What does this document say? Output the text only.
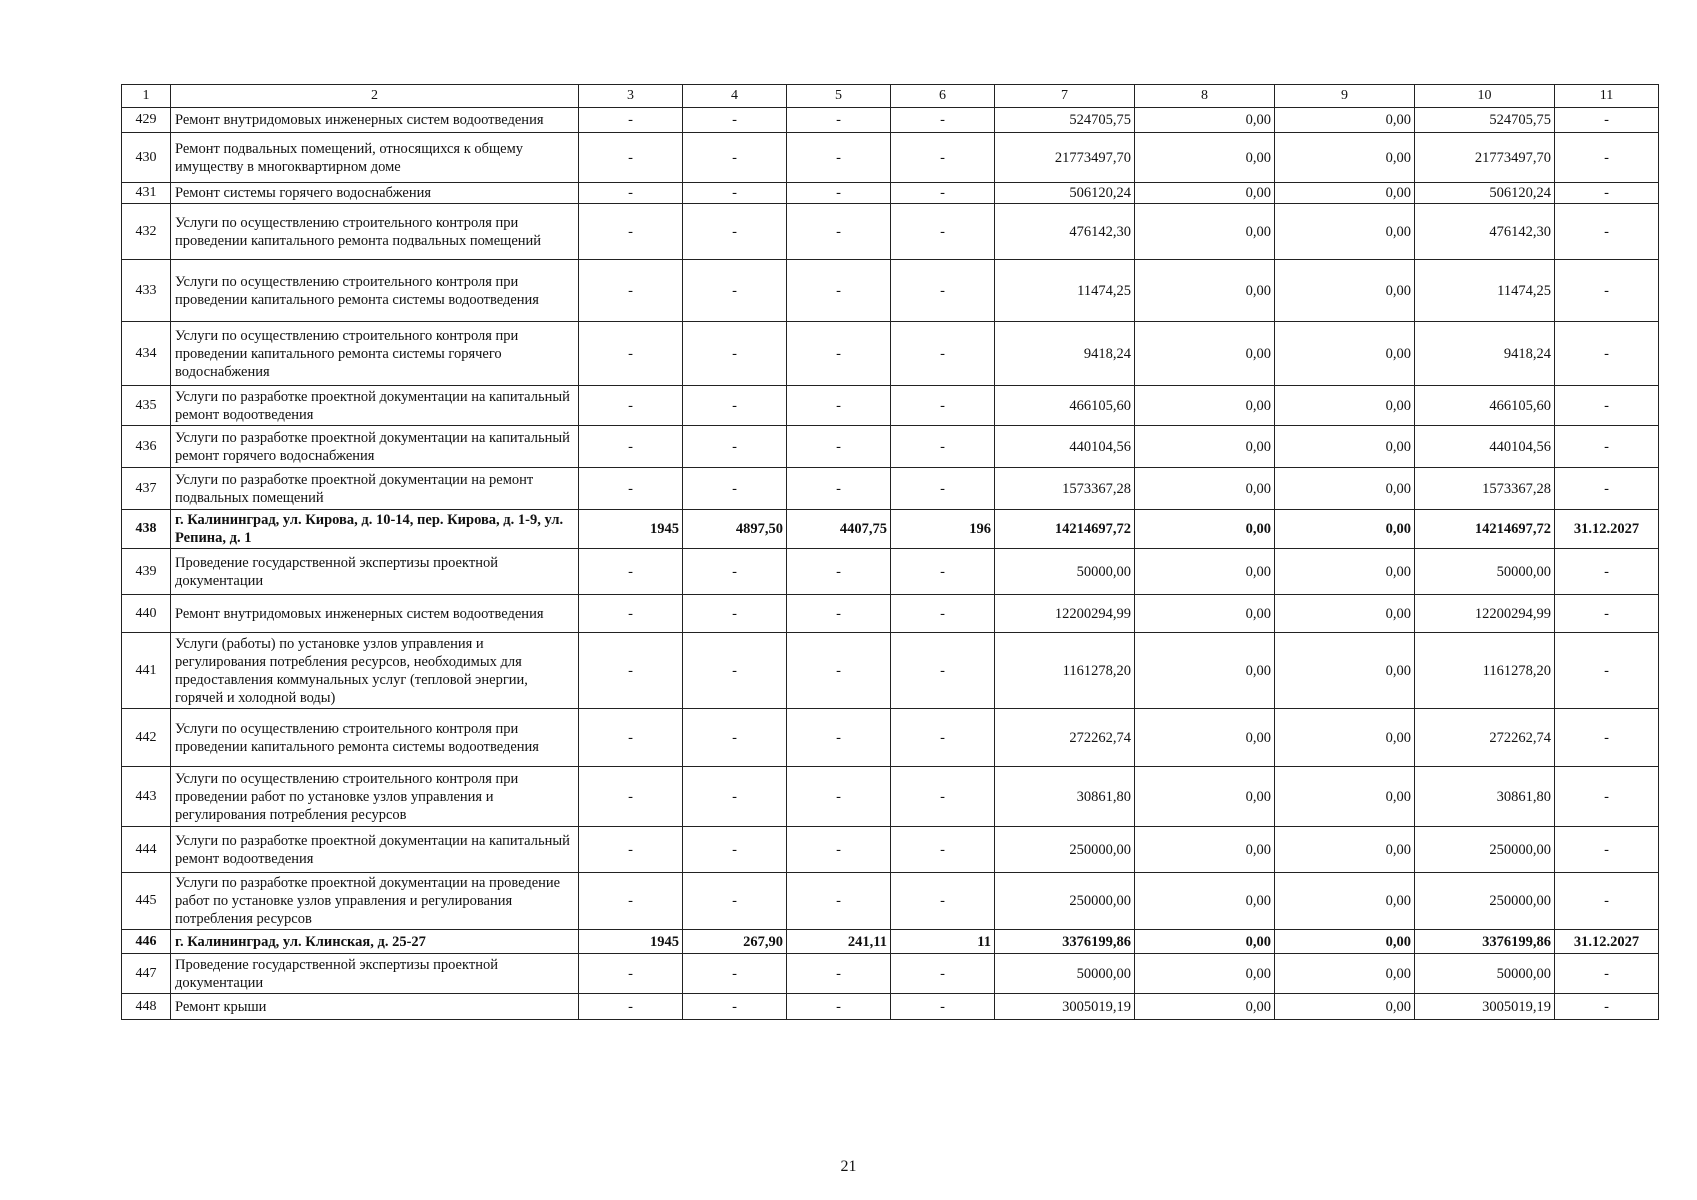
1	2	3	4	5	6	7	8	9	10	11
429	Ремонт внутридомовых инженерных систем водоотведения	-	-	-	-	524705,75	0,00	0,00	524705,75	-
430	Ремонт подвальных помещений, относящихся к общему имуществу в многоквартирном доме	-	-	-	-	21773497,70	0,00	0,00	21773497,70	-
431	Ремонт системы горячего водоснабжения	-	-	-	-	506120,24	0,00	0,00	506120,24	-
432	Услуги по осуществлению строительного контроля при проведении капитального ремонта подвальных помещений	-	-	-	-	476142,30	0,00	0,00	476142,30	-
433	Услуги по осуществлению строительного контроля при проведении капитального ремонта системы водоотведения	-	-	-	-	11474,25	0,00	0,00	11474,25	-
434	Услуги по осуществлению строительного контроля при проведении капитального ремонта системы горячего водоснабжения	-	-	-	-	9418,24	0,00	0,00	9418,24	-
435	Услуги по разработке проектной документации на капитальный ремонт водоотведения	-	-	-	-	466105,60	0,00	0,00	466105,60	-
436	Услуги по разработке проектной документации на капитальный ремонт горячего водоснабжения	-	-	-	-	440104,56	0,00	0,00	440104,56	-
437	Услуги по разработке проектной документации на ремонт подвальных помещений	-	-	-	-	1573367,28	0,00	0,00	1573367,28	-
438	г. Калининград, ул. Кирова, д. 10-14, пер. Кирова, д. 1-9, ул. Репина, д. 1	1945	4897,50	4407,75	196	14214697,72	0,00	0,00	14214697,72	31.12.2027
439	Проведение государственной экспертизы проектной документации	-	-	-	-	50000,00	0,00	0,00	50000,00	-
440	Ремонт внутридомовых инженерных систем водоотведения	-	-	-	-	12200294,99	0,00	0,00	12200294,99	-
441	Услуги (работы) по установке узлов управления и регулирования потребления ресурсов, необходимых для предоставления коммунальных услуг (тепловой энергии, горячей и холодной воды)	-	-	-	-	1161278,20	0,00	0,00	1161278,20	-
442	Услуги по осуществлению строительного контроля при проведении капитального ремонта системы водоотведения	-	-	-	-	272262,74	0,00	0,00	272262,74	-
443	Услуги по осуществлению строительного контроля при проведении работ по установке узлов управления и регулирования потребления ресурсов	-	-	-	-	30861,80	0,00	0,00	30861,80	-
444	Услуги по разработке проектной документации на капитальный ремонт водоотведения	-	-	-	-	250000,00	0,00	0,00	250000,00	-
445	Услуги по разработке проектной документации на проведение работ по установке узлов управления и регулирования потребления ресурсов	-	-	-	-	250000,00	0,00	0,00	250000,00	-
446	г. Калининград, ул. Клинская, д. 25-27	1945	267,90	241,11	11	3376199,86	0,00	0,00	3376199,86	31.12.2027
447	Проведение государственной экспертизы проектной документации	-	-	-	-	50000,00	0,00	0,00	50000,00	-
448	Ремонт крыши	-	-	-	-	3005019,19	0,00	0,00	3005019,19	-
21
